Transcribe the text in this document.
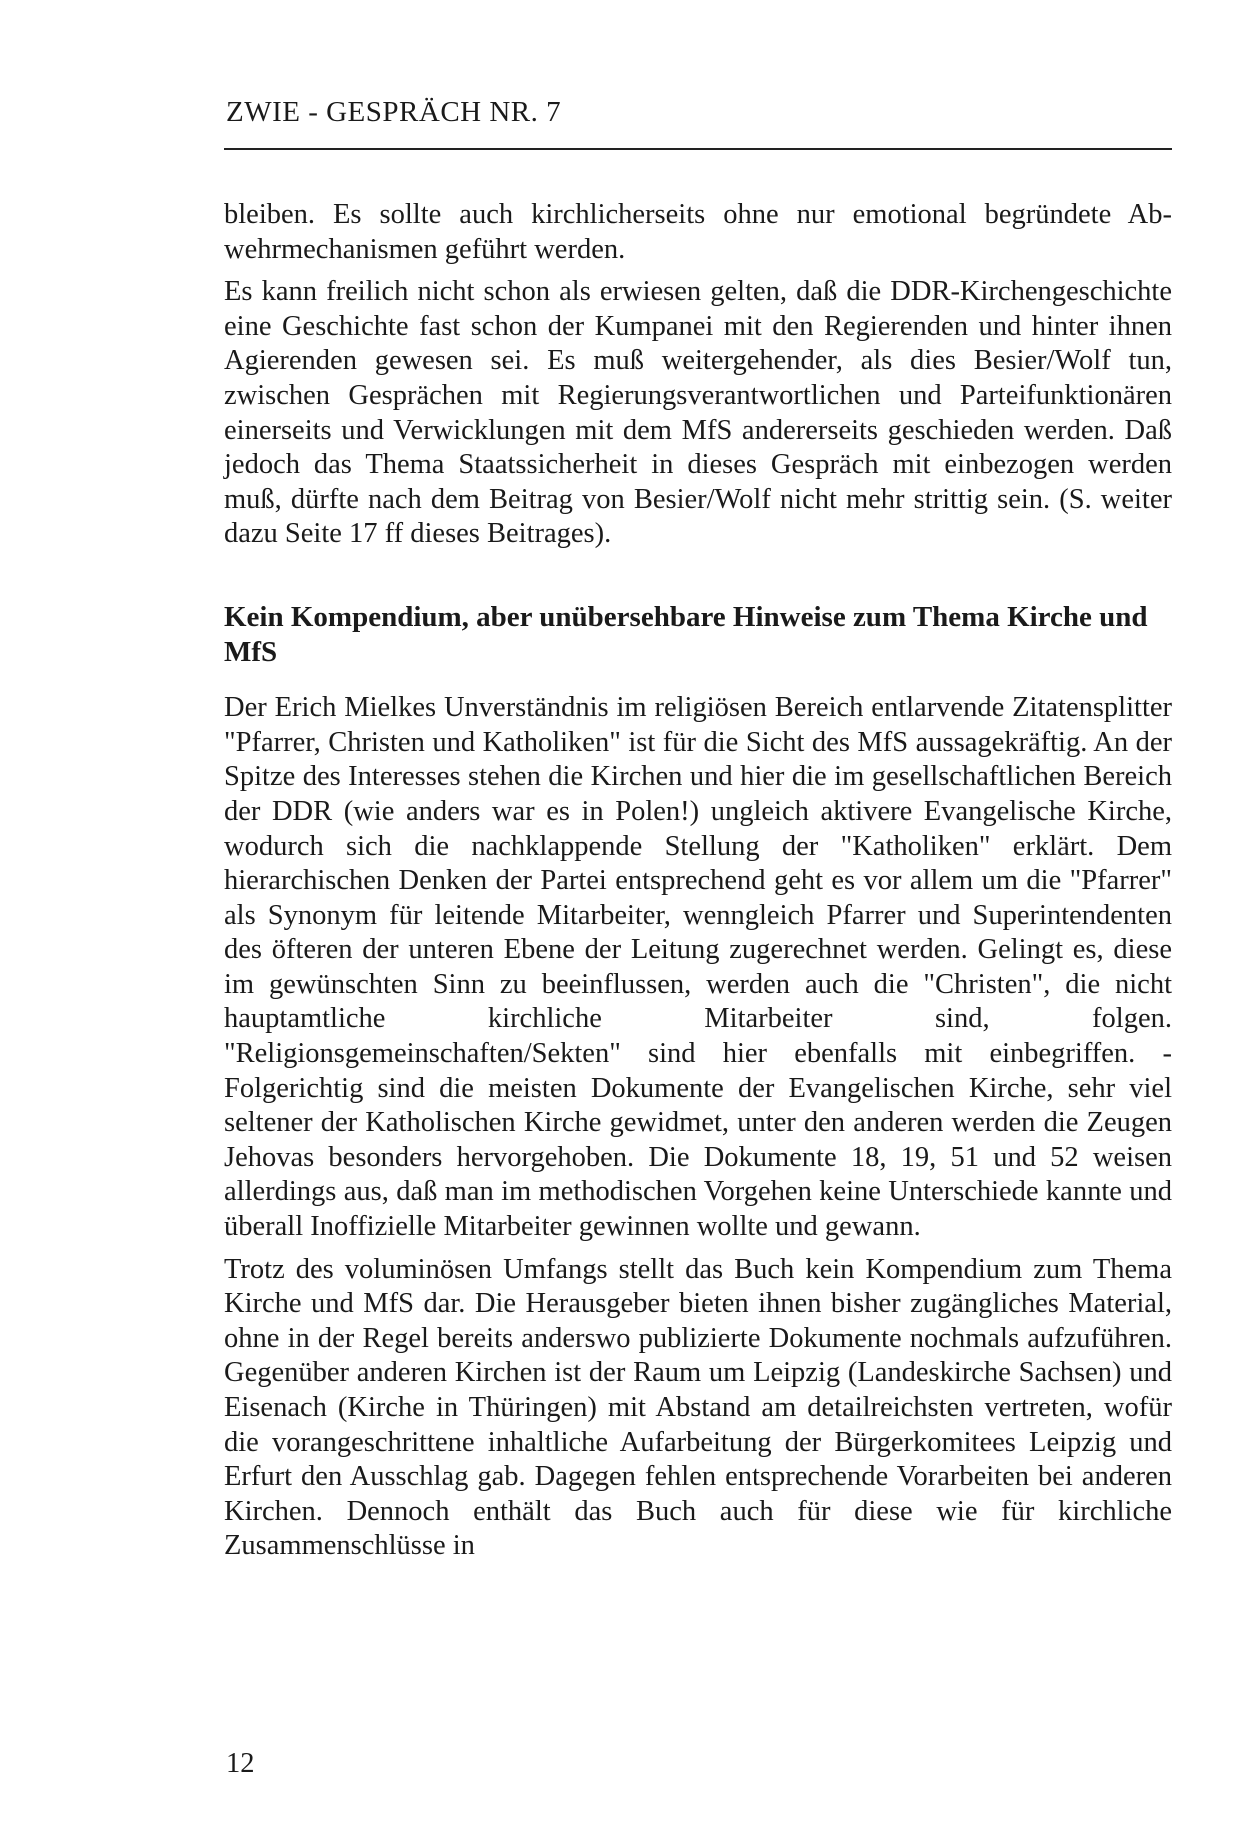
ZWIE - GESPRÄCH NR. 7

bleiben. Es sollte auch kirchlicherseits ohne nur emotional begründete Abwehrmechanismen geführt werden.

Es kann freilich nicht schon als erwiesen gelten, daß die DDR-Kirchengeschichte eine Geschichte fast schon der Kumpanei mit den Regierenden und hinter ihnen Agierenden gewesen sei. Es muß weitergehender, als dies Besier/Wolf tun, zwischen Gesprächen mit Regierungsverantwortlichen und Parteifunktionären einerseits und Verwicklungen mit dem MfS andererseits geschieden werden. Daß jedoch das Thema Staatssicherheit in dieses Gespräch mit einbezogen werden muß, dürfte nach dem Beitrag von Besier/Wolf nicht mehr strittig sein. (S. weiter dazu Seite 17 ff dieses Beitrages).

Kein Kompendium, aber unübersehbare Hinweise zum Thema Kirche und MfS

Der Erich Mielkes Unverständnis im religiösen Bereich entlarvende Zitatensplitter "Pfarrer, Christen und Katholiken" ist für die Sicht des MfS aussagekräftig. An der Spitze des Interesses stehen die Kirchen und hier die im gesellschaftlichen Bereich der DDR (wie anders war es in Polen!) ungleich aktivere Evangelische Kirche, wodurch sich die nachklappende Stellung der "Katholiken" erklärt. Dem hierarchischen Denken der Partei entsprechend geht es vor allem um die "Pfarrer" als Synonym für leitende Mitarbeiter, wenngleich Pfarrer und Superintendenten des öfteren der unteren Ebene der Leitung zugerechnet werden. Gelingt es, diese im gewünschten Sinn zu beeinflussen, werden auch die "Christen", die nicht hauptamtliche kirchliche Mitarbeiter sind, folgen. "Religionsgemeinschaften/Sekten" sind hier ebenfalls mit einbegriffen. - Folgerichtig sind die meisten Dokumente der Evangelischen Kirche, sehr viel seltener der Katholischen Kirche gewidmet, unter den anderen werden die Zeugen Jehovas besonders hervorgehoben. Die Dokumente 18, 19, 51 und 52 weisen allerdings aus, daß man im methodischen Vorgehen keine Unterschiede kannte und überall Inoffizielle Mitarbeiter gewinnen wollte und gewann.

Trotz des voluminösen Umfangs stellt das Buch kein Kompendium zum Thema Kirche und MfS dar. Die Herausgeber bieten ihnen bisher zugängliches Material, ohne in der Regel bereits anderswo publizierte Dokumente nochmals aufzuführen. Gegenüber anderen Kirchen ist der Raum um Leipzig (Landeskirche Sachsen) und Eisenach (Kirche in Thüringen) mit Abstand am detailreichsten vertreten, wofür die vorangeschrittene inhaltliche Aufarbeitung der Bürgerkomitees Leipzig und Erfurt den Ausschlag gab. Dagegen fehlen entsprechende Vorarbeiten bei anderen Kirchen. Dennoch enthält das Buch auch für diese wie für kirchliche Zusammenschlüsse in

12
